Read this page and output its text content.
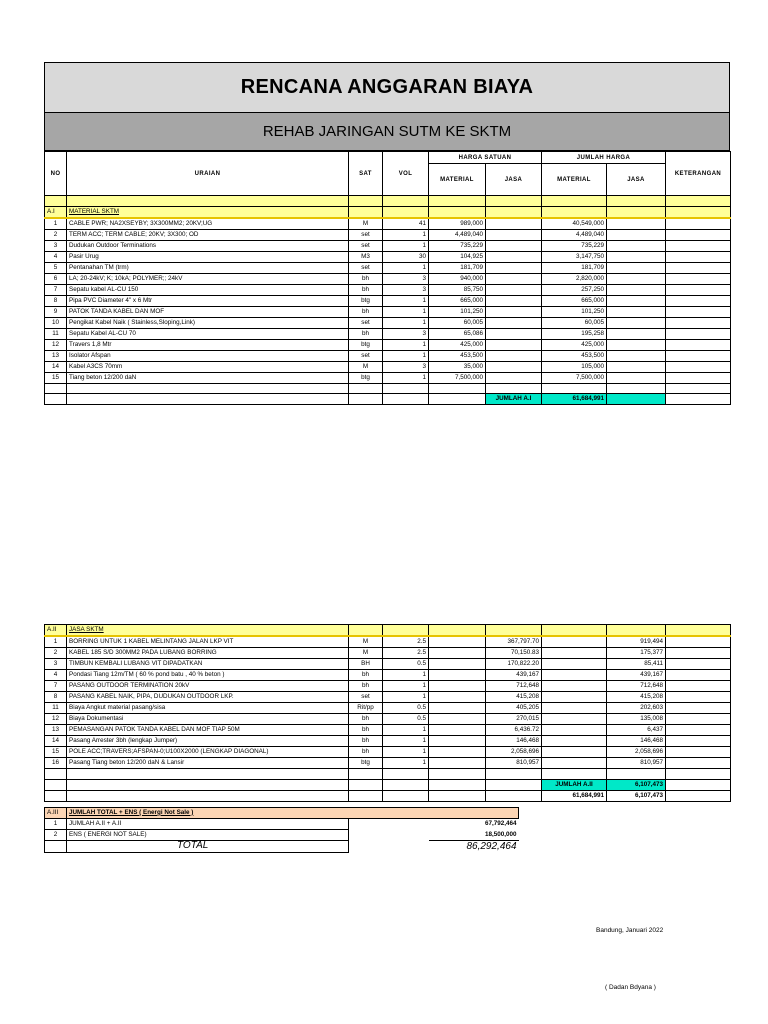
RENCANA ANGGARAN BIAYA
REHAB JARINGAN SUTM KE SKTM
NO	URAIAN	SAT	VOL	HARGA SATUAN		JUMLAH HARGA		KETERANGAN
				MATERIAL	JASA	MATERIAL	JASA	

A.I	MATERIAL SKTM							
1	CABLE PWR; NA2XSEYBY; 3X300MM2; 20KV;UG	M	41	989,000		40,549,000		
2	TERM ACC; TERM CABLE; 20KV; 3X300; OD	set	1	4,489,040		4,489,040		
3	Dudukan Outdoor Terminations	set	1	735,229		735,229		
4	Pasir Urug	M3	30	104,925		3,147,750		
5	Pentanahan TM (trm)	set	1	181,709		181,709		
6	LA; 20-24kV; K; 10kA; POLYMER;; 24kV	bh	3	940,000		2,820,000		
7	Sepatu kabel AL-CU 150	bh	3	85,750		257,250		
8	Pipa PVC Diameter 4" x 6 Mtr	btg	1	665,000		665,000		
9	PATOK TANDA KABEL DAN MOF	bh	1	101,250		101,250		
10	Pengikat Kabel Naik ( Stainless,Sloping,Link)	set	1	60,005		60,005		
11	Sepatu Kabel AL-CU 70	bh	3	65,086		195,258		
12	Travers 1,8 Mtr	btg	1	425,000		425,000		
13	Isolator Afspan	set	1	453,500		453,500		
14	Kabel A3CS 70mm	M	3	35,000		105,000		
15	Tiang beton 12/200 daN	btg	1	7,500,000		7,500,000		

					JUMLAH A.I	61,684,991		
A.II	JASA SKTM							
1	BORRING UNTUK 1 KABEL MELINTANG JALAN LKP VIT	M	2.5		367,797.70		919,494	
2	KABEL 185 S/D 300MM2 PADA LUBANG BORRING	M	2.5		70,150.83		175,377	
3	TIMBUN KEMBALI LUBANG VIT DIPADATKAN	BH	0.5		170,822.20		85,411	
4	Pondasi Tiang 12m/TM ( 60 % pond batu , 40 % beton )	bh	1		439,167		439,167	
7	PASANG OUTDOOR TERMINATION 20kV	bh	1		712,648		712,648	
8	PASANG KABEL NAIK, PIPA, DUDUKAN OUTDOOR LKP.	set	1		415,208		415,208	
11	Biaya Angkut material pasang/sisa	Rit/pp	0.5		405,205		202,603	
12	Biaya Dokumentasi	bh	0.5		270,015		135,008	
13	PEMASANGAN PATOK TANDA KABEL DAN MOF TIAP 50M	bh	1		6,436.72		6,437	
14	Pasang Arrester 3bh (lengkap Jumper)	bh	1		146,468		146,468	
15	POLE ACC;TRAVERS;AFSPAN-0;U100X2000 (LENGKAP DIAGONAL)	bh	1		2,058,696		2,058,696	
16	Pasang Tiang beton 12/200 daN & Lansir	btg	1		810,957		810,957	

						JUMLAH A.II	6,107,473	
						61,684,991	6,107,473	
A.III	JUMLAH TOTAL + ENS ( Energi Not Sale )			
1	JUMLAH A.II + A.II			67,792,464
2	ENS ( ENERGI NOT SALE)			18,500,000
	TOTAL			86,292,464
Bandung, Januari 2022
( Dadan Bdyana )
